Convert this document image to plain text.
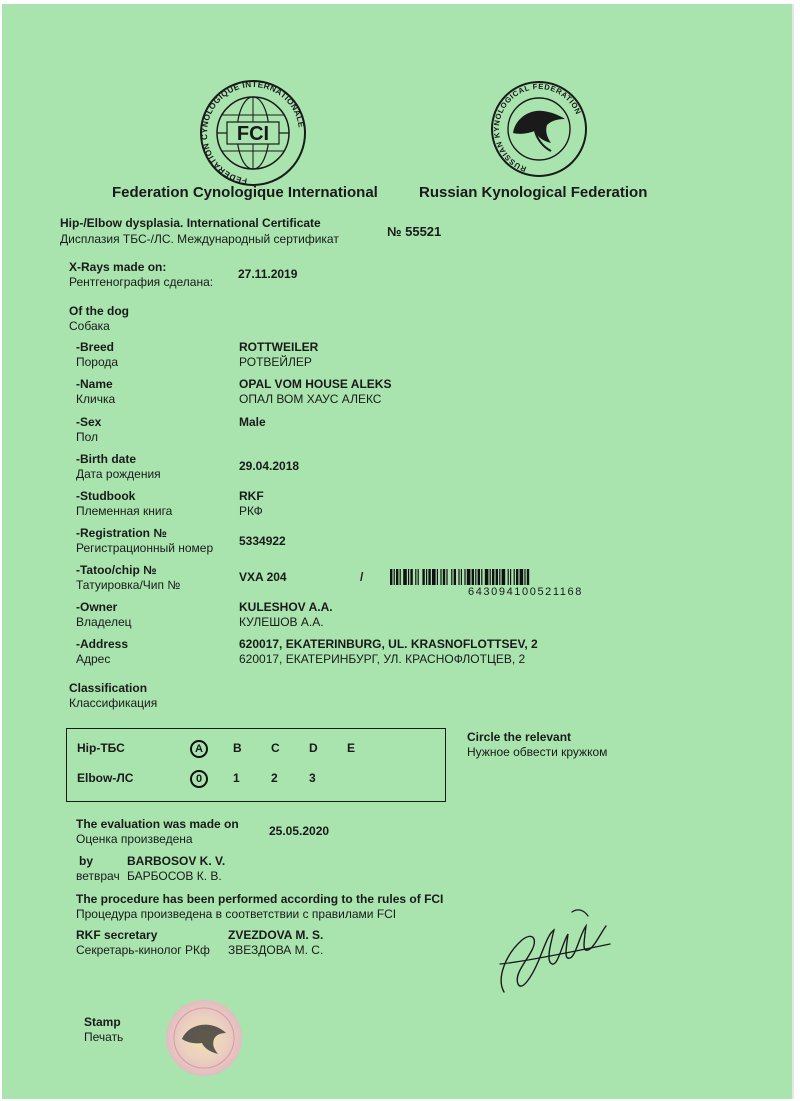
FCI
FEDERATION CYNOLOGIQUE INTERNATIONALE
RUSSIAN KYNOLOGICAL FEDERATION
Federation Cynologique International	Russian Kynological Federation
Hip-/Elbow dysplasia. International Certificate
Дисплазия ТБС-/ЛС. Международный сертификат	№ 55521
X-Rays made on:
Рентгенография сделана:
27.11.2019
Of the dog
Собака
-Breed
Порода
ROTTWEILER
РОТВЕЙЛЕР
-Name
Кличка
OPAL VOM HOUSE ALEKS
ОПАЛ ВОМ ХАУС АЛЕКС
-Sex
Пол
Male
-Birth date
Дата рождения
29.04.2018
-Studbook
Племенная книга
RKF
РКФ
-Registration №
Регистрационный номер 5334922
-Tatoo/chip №
Татуировка/Чип №
VXA 204	/
643094100521168
-Owner
Владелец
KULESHOV A.A.
КУЛЕШОВ А.А.
-Address
Адрес
620017, EKATERINBURG, UL. KRASNOFLOTTSEV, 2
620017, ЕКАТЕРИНБУРГ, УЛ. КРАСНОФЛОТЦЕВ, 2
Classification
Классификация
Hip-ТБС	A	B C D E
Elbow-ЛС	0	1	2	3
Circle the relevant
Нужное обвести кружком
The evaluation was made on
Оценка произведена
25.05.2020
by
ветврач
BARBOSOV K. V.
БАРБОСОВ К. В.
The procedure has been performed according to the rules of FCI
Процедура произведена в соответствии с правилами FCI
RKF secretary
Секретарь-кинолог РКф
ZVEZDOVA M. S.
ЗВЕЗДОВА М. С.
Stamp
Печать
